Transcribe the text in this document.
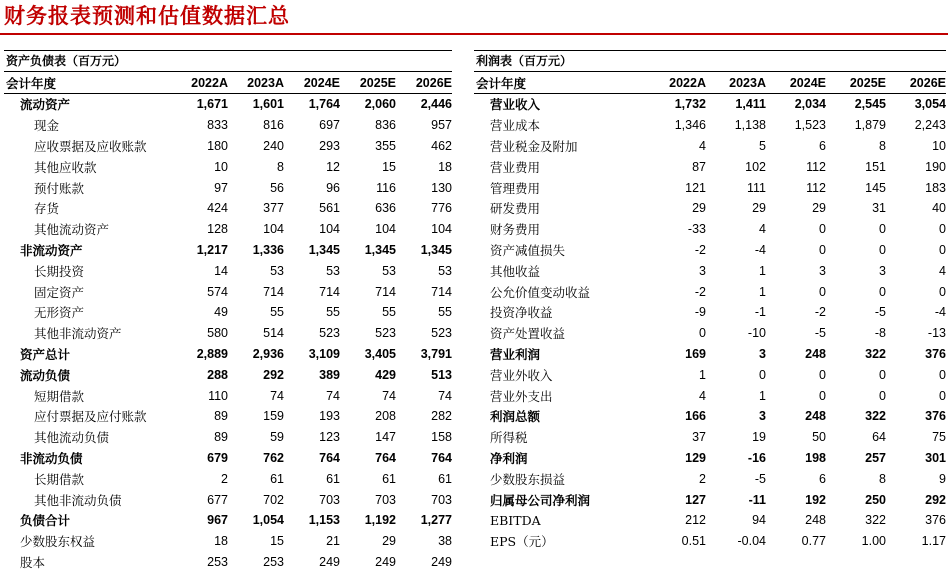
财务报表预测和估值数据汇总
资产负债表（百万元）
会计年度	2022A	2023A	2024E	2025E	2026E
流动资产	1,671	1,601	1,764	2,060	2,446
现金	833	816	697	836	957
应收票据及应收账款	180	240	293	355	462
其他应收款	10	8	12	15	18
预付账款	97	56	96	116	130
存货	424	377	561	636	776
其他流动资产	128	104	104	104	104
非流动资产	1,217	1,336	1,345	1,345	1,345
长期投资	14	53	53	53	53
固定资产	574	714	714	714	714
无形资产	49	55	55	55	55
其他非流动资产	580	514	523	523	523
资产总计	2,889	2,936	3,109	3,405	3,791
流动负债	288	292	389	429	513
短期借款	110	74	74	74	74
应付票据及应付账款	89	159	193	208	282
其他流动负债	89	59	123	147	158
非流动负债	679	762	764	764	764
长期借款	2	61	61	61	61
其他非流动负债	677	702	703	703	703
负债合计	967	1,054	1,153	1,192	1,277
少数股东权益	18	15	21	29	38
股本	253	253	249	249	249
利润表（百万元）
会计年度	2022A	2023A	2024E	2025E	2026E
营业收入	1,732	1,411	2,034	2,545	3,054
营业成本	1,346	1,138	1,523	1,879	2,243
营业税金及附加	4	5	6	8	10
营业费用	87	102	112	151	190
管理费用	121	111	112	145	183
研发费用	29	29	29	31	40
财务费用	-33	4	0	0	0
资产减值损失	-2	-4	0	0	0
其他收益	3	1	3	3	4
公允价值变动收益	-2	1	0	0	0
投资净收益	-9	-1	-2	-5	-4
资产处置收益	0	-10	-5	-8	-13
营业利润	169	3	248	322	376
营业外收入	1	0	0	0	0
营业外支出	4	1	0	0	0
利润总额	166	3	248	322	376
所得税	37	19	50	64	75
净利润	129	-16	198	257	301
少数股东损益	2	-5	6	8	9
归属母公司净利润	127	-11	192	250	292
EBITDA	212	94	248	322	376
EPS（元）	0.51	-0.04	0.77	1.00	1.17
